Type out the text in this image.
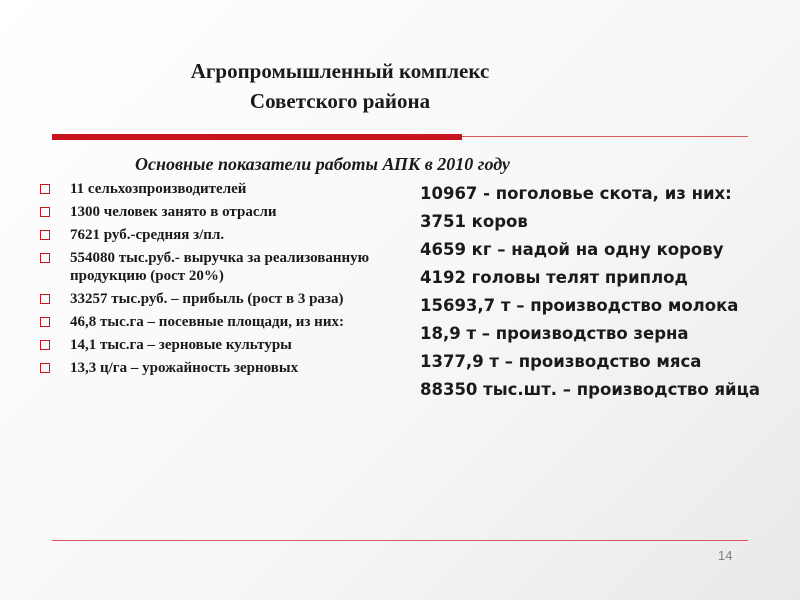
Агропромышленный комплекс
Советского района
Основные показатели работы АПК в 2010 году
11 сельхозпроизводителей
1300 человек занято в отрасли
7621 руб.-средняя з/пл.
554080 тыс.руб.- выручка за реализованную продукцию (рост 20%)
33257 тыс.руб. – прибыль (рост в 3 раза)
46,8 тыс.га – посевные площади, из них:
14,1 тыс.га – зерновые культуры
13,3 ц/га – урожайность зерновых
10967 - поголовье скота, из них:
3751 коров
4659 кг – надой на одну корову
4192 головы телят приплод
15693,7 т – производство молока
18,9 т – производство зерна
1377,9 т – производство мяса
88350 тыс.шт. – производство яйца
14
